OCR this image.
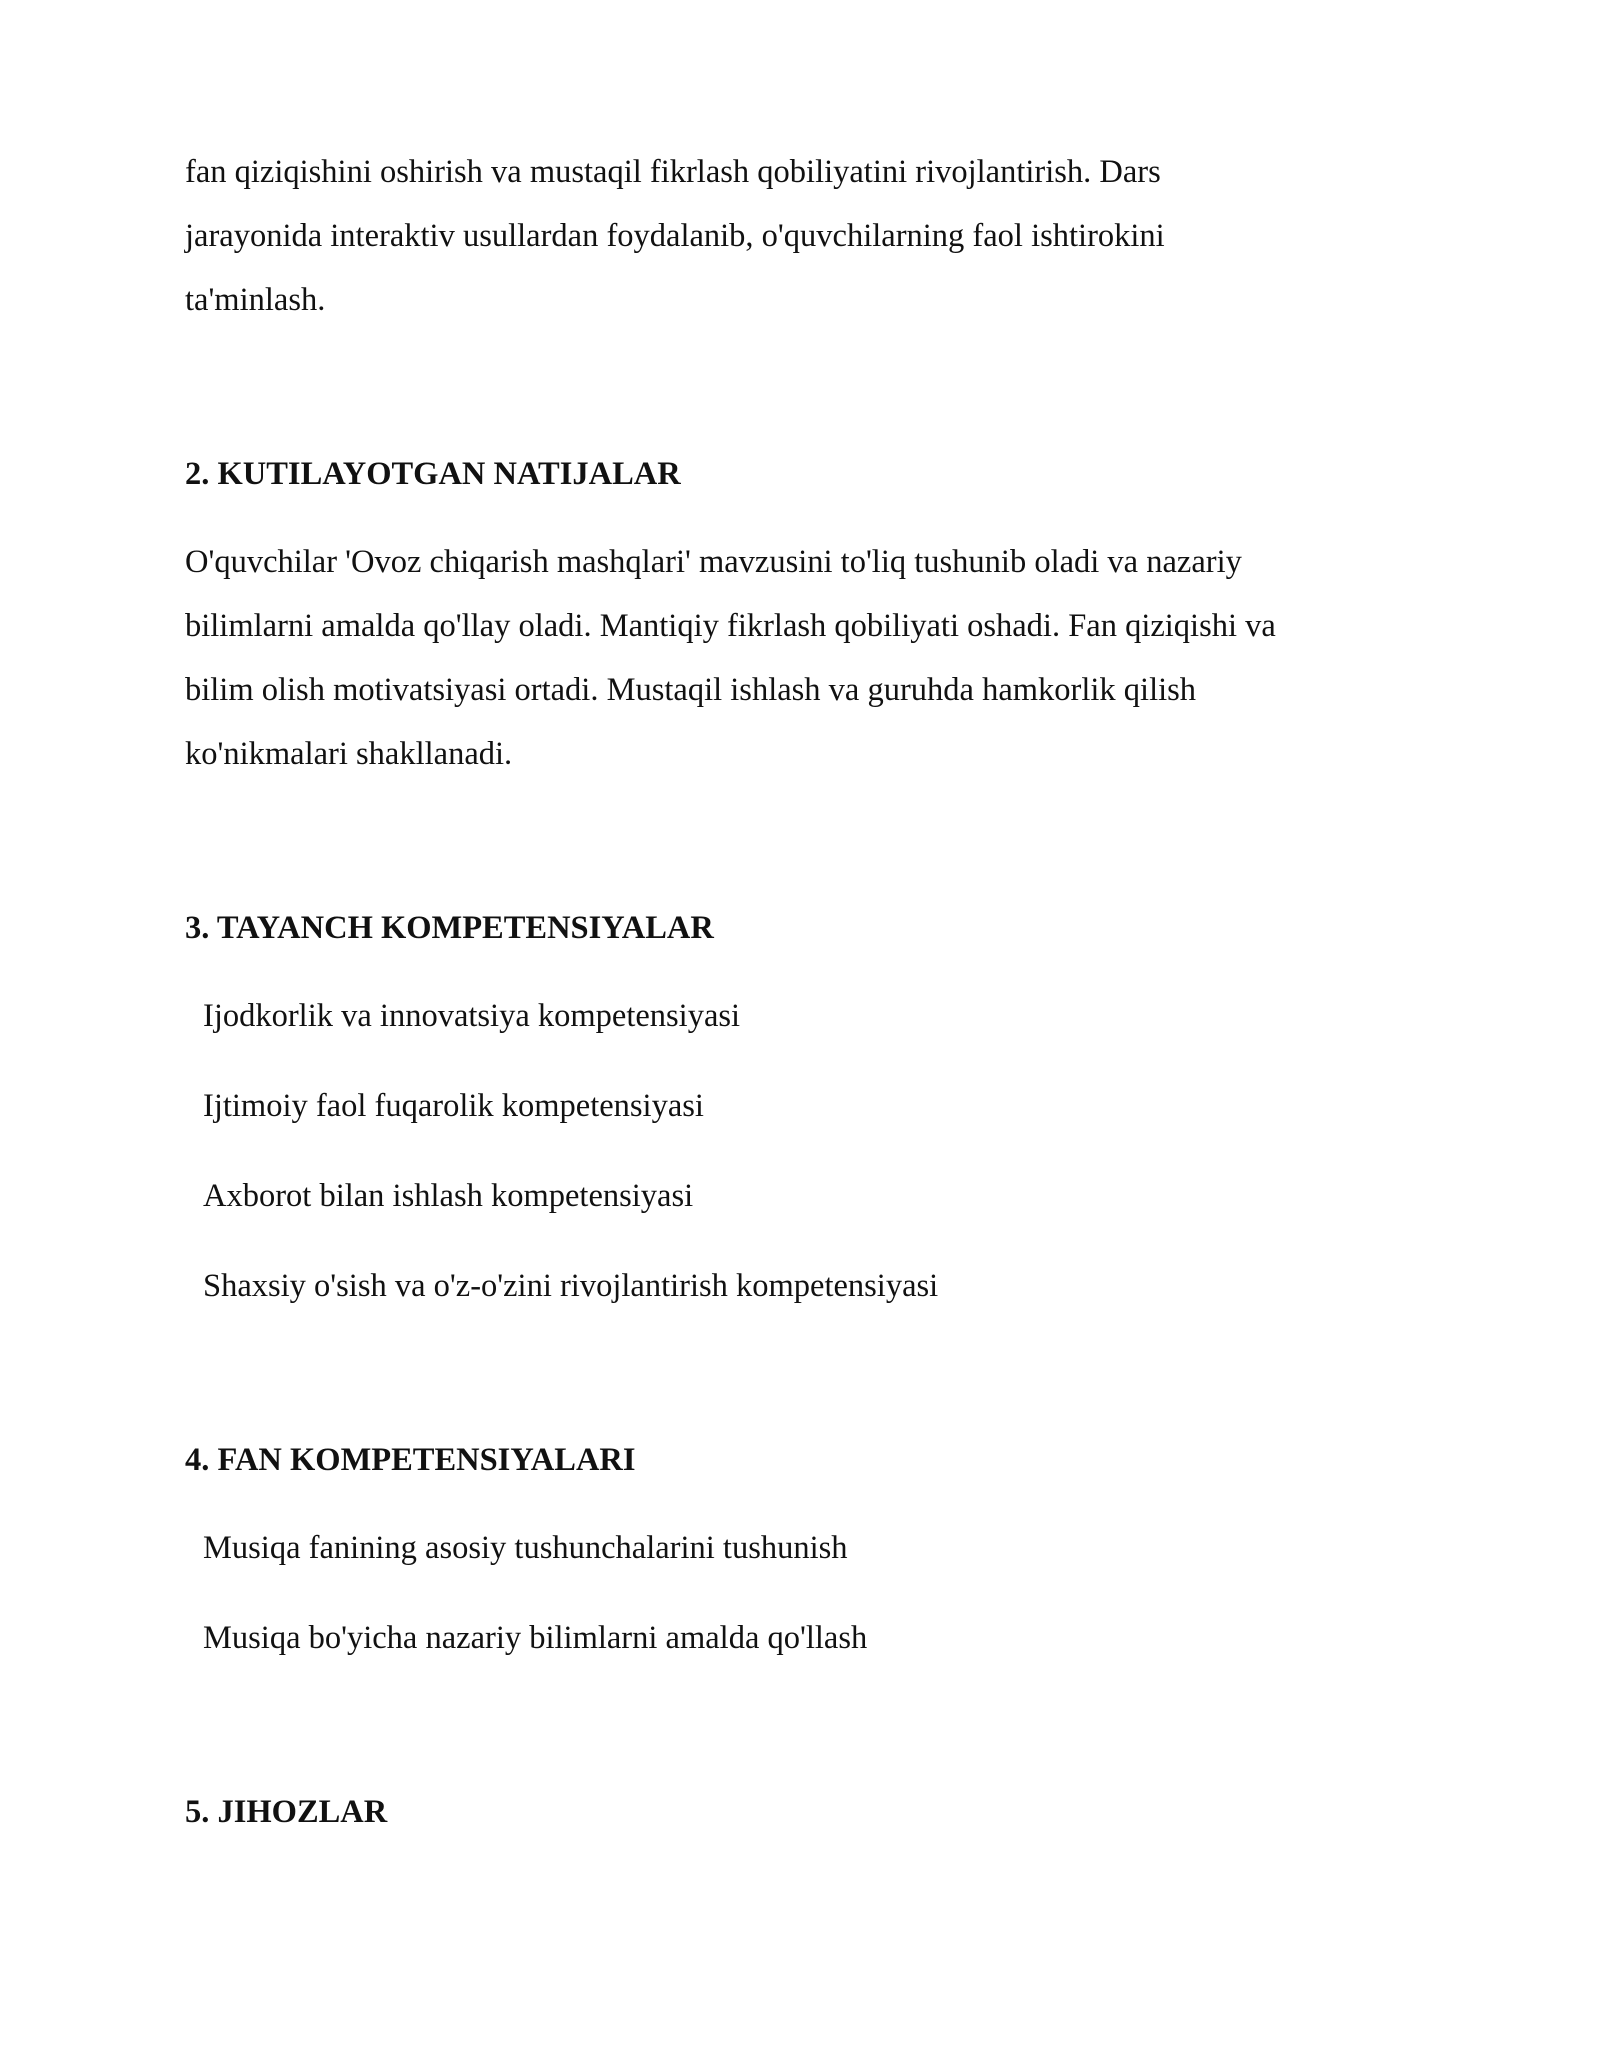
fan qiziqishini oshirish va mustaqil fikrlash qobiliyatini rivojlantirish. Dars
jarayonida interaktiv usullardan foydalanib, o'quvchilarning faol ishtirokini
ta'minlash.
2. KUTILAYOTGAN NATIJALAR
O'quvchilar 'Ovoz chiqarish mashqlari' mavzusini to'liq tushunib oladi va nazariy
bilimlarni amalda qo'llay oladi. Mantiqiy fikrlash qobiliyati oshadi. Fan qiziqishi va
bilim olish motivatsiyasi ortadi. Mustaqil ishlash va guruhda hamkorlik qilish
ko'nikmalari shakllanadi.
3. TAYANCH KOMPETENSIYALAR
Ijodkorlik va innovatsiya kompetensiyasi
Ijtimoiy faol fuqarolik kompetensiyasi
Axborot bilan ishlash kompetensiyasi
Shaxsiy o'sish va o'z-o'zini rivojlantirish kompetensiyasi
4. FAN KOMPETENSIYALARI
Musiqa fanining asosiy tushunchalarini tushunish
Musiqa bo'yicha nazariy bilimlarni amalda qo'llash
5. JIHOZLAR
